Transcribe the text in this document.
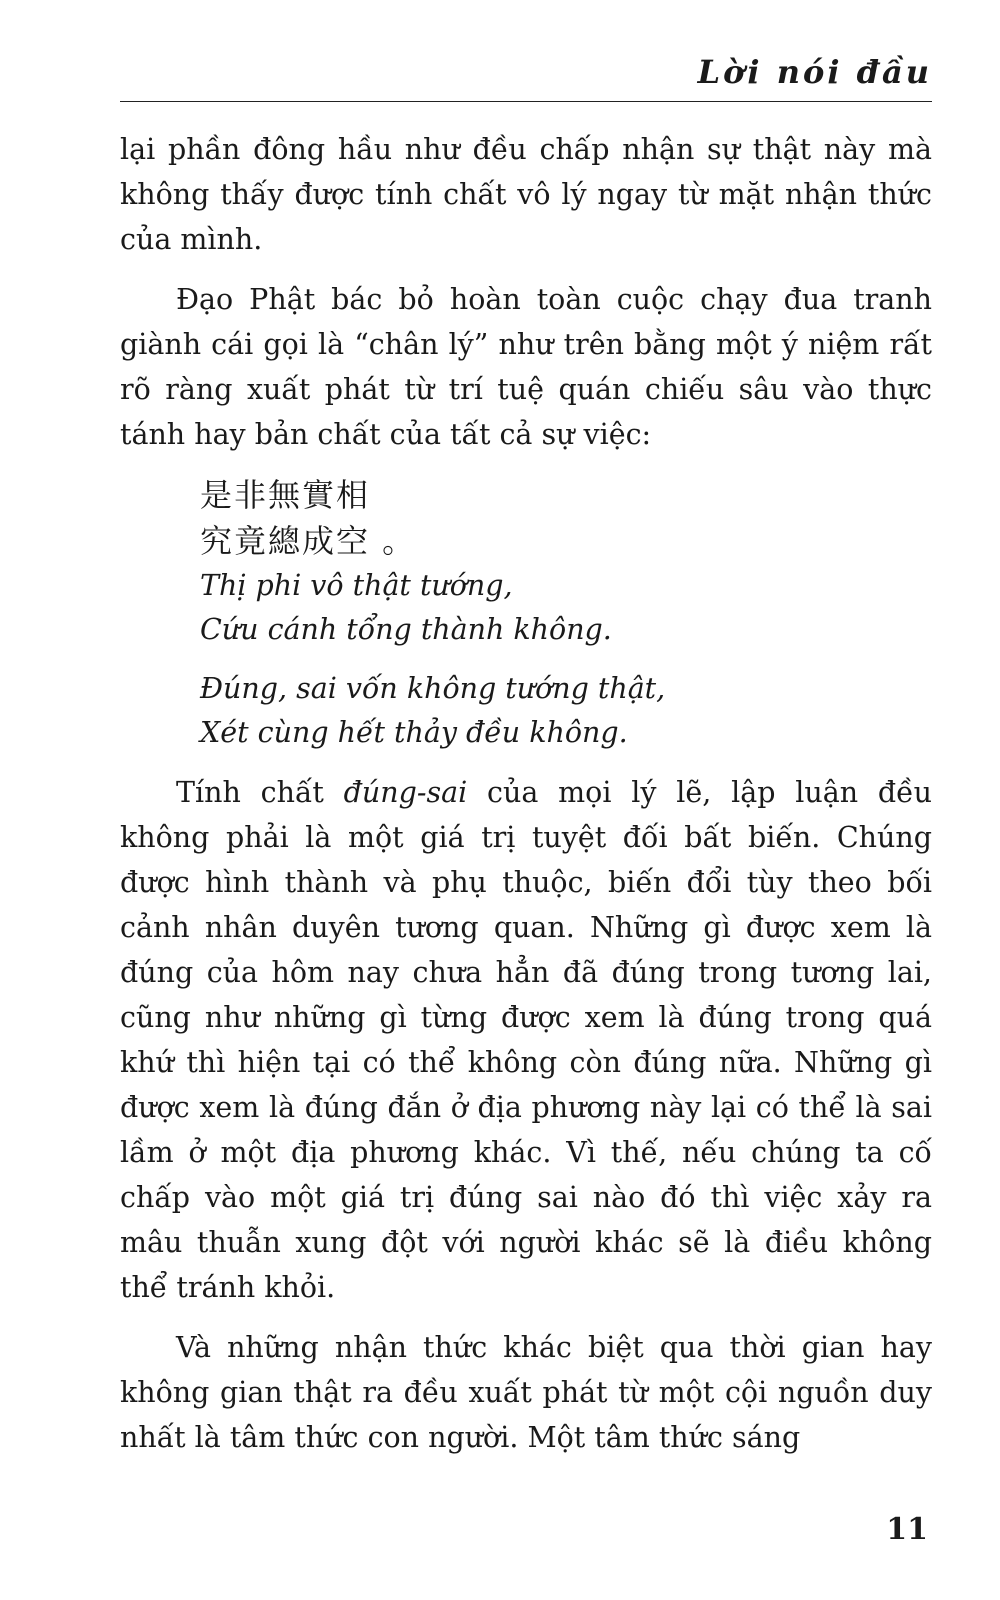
Lời nói đầu

lại phần đông hầu như đều chấp nhận sự thật này mà không thấy được tính chất vô lý ngay từ mặt nhận thức của mình.

Đạo Phật bác bỏ hoàn toàn cuộc chạy đua tranh giành cái gọi là “chân lý” như trên bằng một ý niệm rất rõ ràng xuất phát từ trí tuệ quán chiếu sâu vào thực tánh hay bản chất của tất cả sự việc:

是非無實相
究竟總成空 。
Thị phi vô thật tướng,
Cứu cánh tổng thành không.
Đúng, sai vốn không tướng thật,
Xét cùng hết thảy đều không.

Tính chất đúng-sai của mọi lý lẽ, lập luận đều không phải là một giá trị tuyệt đối bất biến. Chúng được hình thành và phụ thuộc, biến đổi tùy theo bối cảnh nhân duyên tương quan. Những gì được xem là đúng của hôm nay chưa hẳn đã đúng trong tương lai, cũng như những gì từng được xem là đúng trong quá khứ thì hiện tại có thể không còn đúng nữa. Những gì được xem là đúng đắn ở địa phương này lại có thể là sai lầm ở một địa phương khác. Vì thế, nếu chúng ta cố chấp vào một giá trị đúng sai nào đó thì việc xảy ra mâu thuẫn xung đột với người khác sẽ là điều không thể tránh khỏi.

Và những nhận thức khác biệt qua thời gian hay không gian thật ra đều xuất phát từ một cội nguồn duy nhất là tâm thức con người. Một tâm thức sáng

11
